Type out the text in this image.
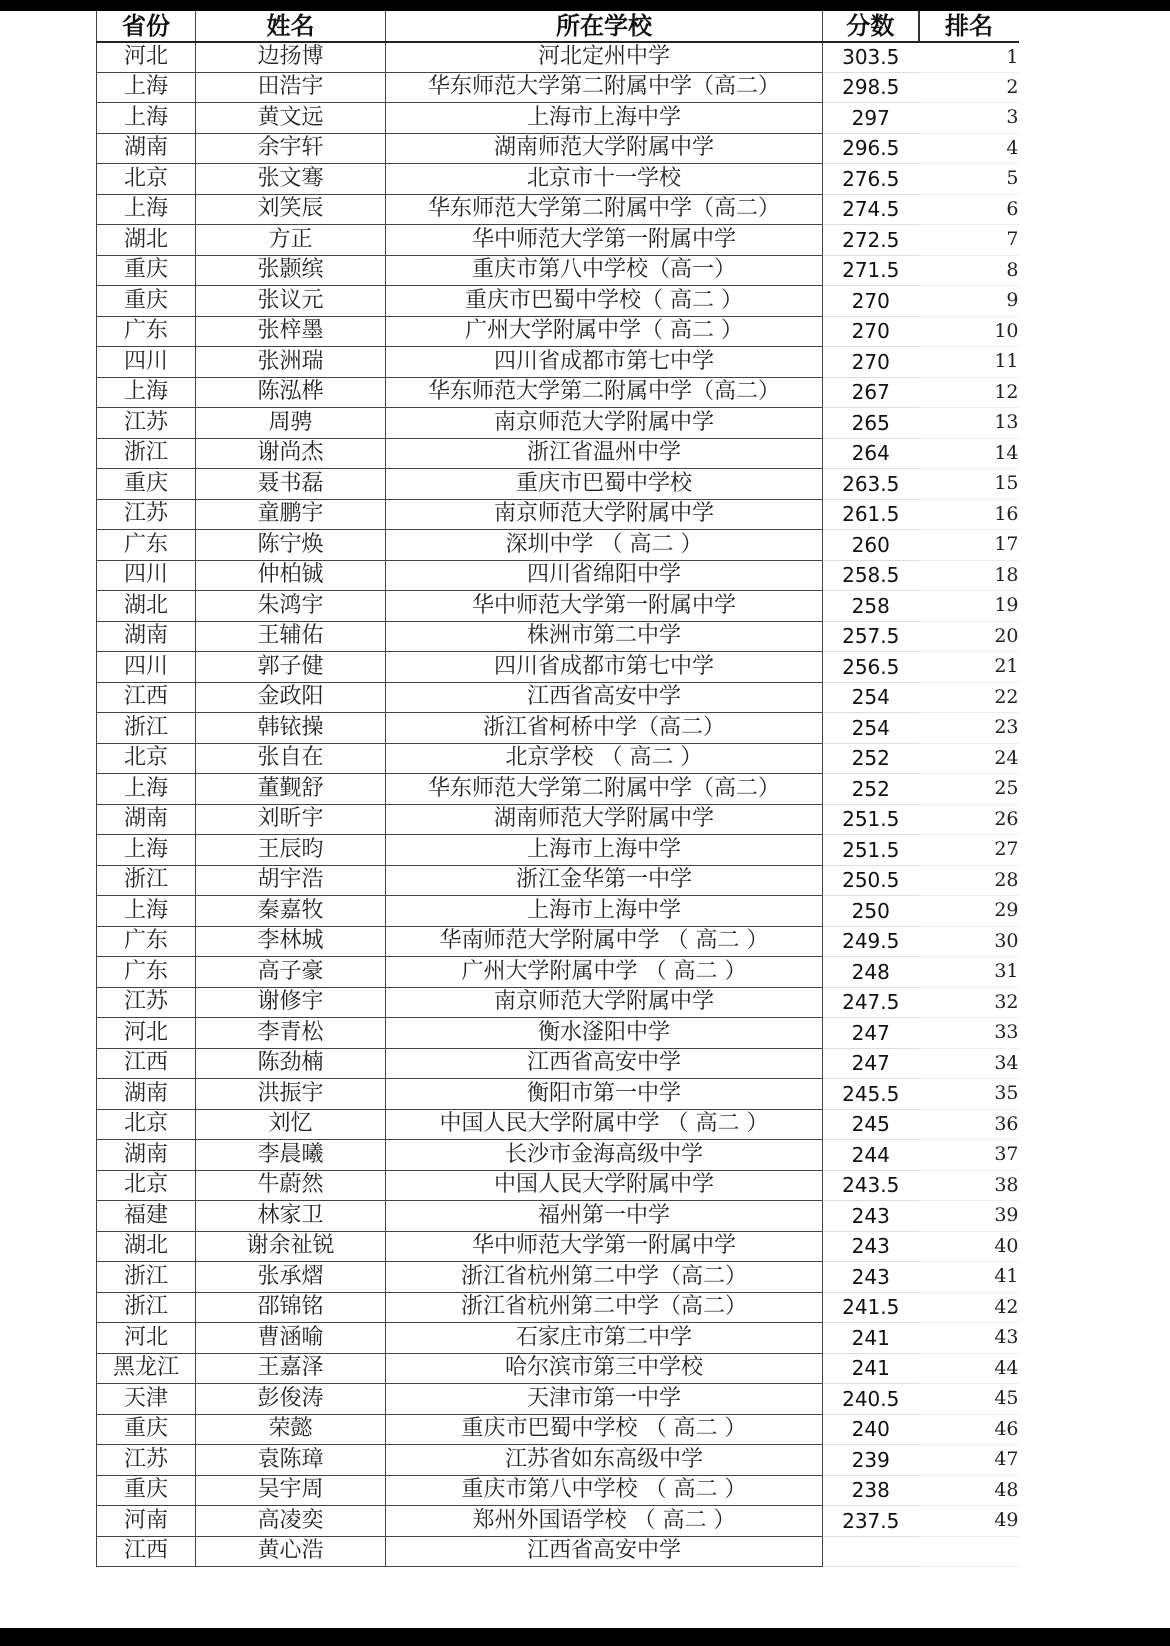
省份	姓名	所在学校	分数	排名
河北	边扬博	河北定州中学	303.5	1
上海	田浩宇	华东师范大学第二附属中学（高二）	298.5	2
上海	黄文远	上海市上海中学	297	3
湖南	余宇轩	湖南师范大学附属中学	296.5	4
北京	张文骞	北京市十一学校	276.5	5
上海	刘笑辰	华东师范大学第二附属中学（高二）	274.5	6
湖北	方正	华中师范大学第一附属中学	272.5	7
重庆	张颢缤	重庆市第八中学校（高一）	271.5	8
重庆	张议元	重庆市巴蜀中学校（ 高二 ）	270	9
广东	张梓墨	广州大学附属中学（ 高二 ）	270	10
四川	张洲瑞	四川省成都市第七中学	270	11
上海	陈泓桦	华东师范大学第二附属中学（高二）	267	12
江苏	周骋	南京师范大学附属中学	265	13
浙江	谢尚杰	浙江省温州中学	264	14
重庆	聂书磊	重庆市巴蜀中学校	263.5	15
江苏	童鹏宇	南京师范大学附属中学	261.5	16
广东	陈宁焕	深圳中学 （ 高二 ）	260	17
四川	仲柏铖	四川省绵阳中学	258.5	18
湖北	朱鸿宇	华中师范大学第一附属中学	258	19
湖南	王辅佑	株洲市第二中学	257.5	20
四川	郭子健	四川省成都市第七中学	256.5	21
江西	金政阳	江西省高安中学	254	22
浙江	韩铱操	浙江省柯桥中学（高二）	254	23
北京	张自在	北京学校 （ 高二 ）	252	24
上海	董觐舒	华东师范大学第二附属中学（高二）	252	25
湖南	刘昕宇	湖南师范大学附属中学	251.5	26
上海	王辰昀	上海市上海中学	251.5	27
浙江	胡宇浩	浙江金华第一中学	250.5	28
上海	秦嘉牧	上海市上海中学	250	29
广东	李林城	华南师范大学附属中学 （ 高二 ）	249.5	30
广东	高子豪	广州大学附属中学 （ 高二 ）	248	31
江苏	谢修宇	南京师范大学附属中学	247.5	32
河北	李青松	衡水滏阳中学	247	33
江西	陈劲楠	江西省高安中学	247	34
湖南	洪振宇	衡阳市第一中学	245.5	35
北京	刘忆	中国人民大学附属中学 （ 高二 ）	245	36
湖南	李晨曦	长沙市金海高级中学	244	37
北京	牛蔚然	中国人民大学附属中学	243.5	38
福建	林家卫	福州第一中学	243	39
湖北	谢余祉锐	华中师范大学第一附属中学	243	40
浙江	张承熠	浙江省杭州第二中学（高二）	243	41
浙江	邵锦铭	浙江省杭州第二中学（高二）	241.5	42
河北	曹涵喻	石家庄市第二中学	241	43
黑龙江	王嘉泽	哈尔滨市第三中学校	241	44
天津	彭俊涛	天津市第一中学	240.5	45
重庆	荣懿	重庆市巴蜀中学校 （ 高二 ）	240	46
江苏	袁陈璋	江苏省如东高级中学	239	47
重庆	吴宇周	重庆市第八中学校 （ 高二 ）	238	48
河南	高凌奕	郑州外国语学校 （ 高二 ）	237.5	49
江西	黄心浩	江西省高安中学		
